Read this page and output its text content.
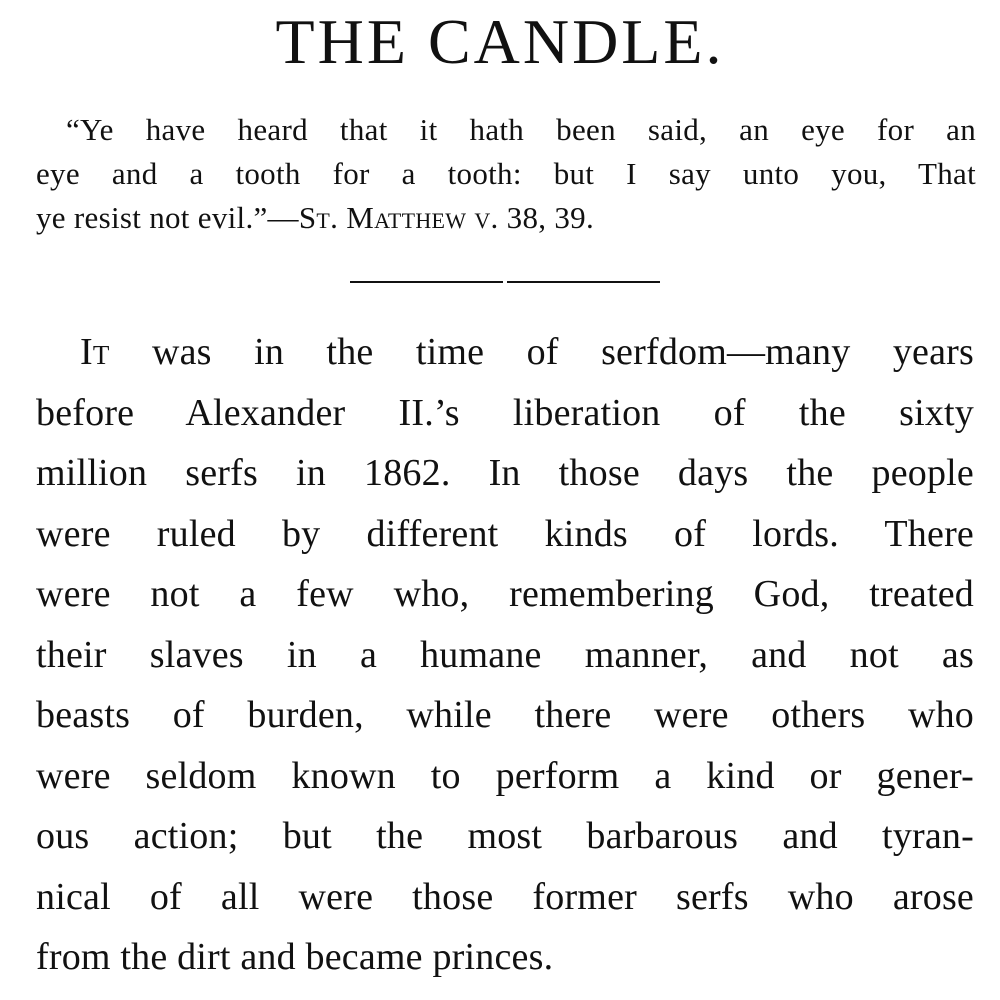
THE CANDLE.
“Ye have heard that it hath been said, an eye for an
eye and a tooth for a tooth: but I say unto you, That
ye resist not evil.”—St. Matthew v. 38, 39.
It was in the time of serfdom—many years
before Alexander II.’s liberation of the sixty
million serfs in 1862. In those days the people
were ruled by different kinds of lords. There
were not a few who, remembering God, treated
their slaves in a humane manner, and not as
beasts of burden, while there were others who
were seldom known to perform a kind or gener-
ous action; but the most barbarous and tyran-
nical of all were those former serfs who arose
from the dirt and became princes.
